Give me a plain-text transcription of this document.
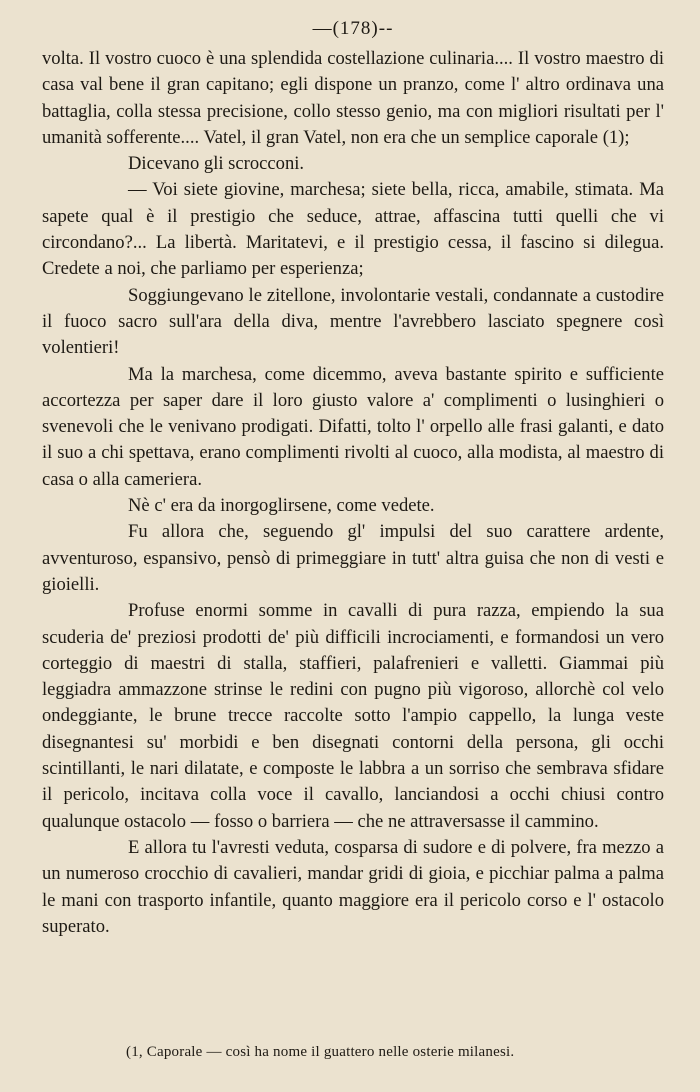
—(178)--

volta. Il vostro cuoco è una splendida costellazione culinaria.... Il vostro maestro di casa val bene il gran capitano; egli dispone un pranzo, come l' altro ordinava una battaglia, colla stessa precisione, collo stesso genio, ma con migliori risultati per l' umanità sofferente.... Vatel, il gran Vatel, non era che un semplice caporale (1);

Dicevano gli scrocconi.

— Voi siete giovine, marchesa; siete bella, ricca, amabile, stimata. Ma sapete qual è il prestigio che seduce, attrae, affascina tutti quelli che vi circondano?... La libertà. Maritatevi, e il prestigio cessa, il fascino si dilegua. Credete a noi, che parliamo per esperienza;

Soggiungevano le zitellone, involontarie vestali, condannate a custodire il fuoco sacro sull'ara della diva, mentre l'avrebbero lasciato spegnere così volentieri!

Ma la marchesa, come dicemmo, aveva bastante spirito e sufficiente accortezza per saper dare il loro giusto valore a' complimenti o lusinghieri o svenevoli che le venivano prodigati. Difatti, tolto l' orpello alle frasi galanti, e dato il suo a chi spettava, erano complimenti rivolti al cuoco, alla modista, al maestro di casa o alla cameriera.

Nè c' era da inorgoglirsene, come vedete.

Fu allora che, seguendo gl' impulsi del suo carattere ardente, avventuroso, espansivo, pensò di primeggiare in tutt' altra guisa che non di vesti e gioielli.

Profuse enormi somme in cavalli di pura razza, empiendo la sua scuderia de' preziosi prodotti de' più difficili incrociamenti, e formandosi un vero corteggio di maestri di stalla, staffieri, palafrenieri e valletti. Giammai più leggiadra ammazzone strinse le redini con pugno più vigoroso, allorchè col velo ondeggiante, le brune trecce raccolte sotto l'ampio cappello, la lunga veste disegnantesi su' morbidi e ben disegnati contorni della persona, gli occhi scintillanti, le nari dilatate, e composte le labbra a un sorriso che sembrava sfidare il pericolo, incitava colla voce il cavallo, lanciandosi a occhi chiusi contro qualunque ostacolo — fosso o barriera — che ne attraversasse il cammino.

E allora tu l'avresti veduta, cosparsa di sudore e di polvere, fra mezzo a un numeroso crocchio di cavalieri, mandar gridi di gioia, e picchiar palma a palma le mani con trasporto infantile, quanto maggiore era il pericolo corso e l' ostacolo superato.

(1, Caporale — così ha nome il guattero nelle osterie milanesi.
